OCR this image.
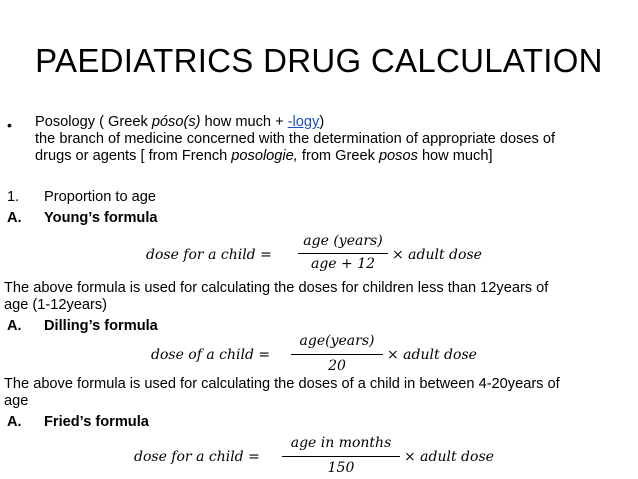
PAEDIATRICS DRUG CALCULATION
• Posology ( Greek póso(s) how much + -logy)
the branch of medicine concerned with the determination of appropriate doses of
drugs or agents [ from French posologie, from Greek posos how much]
1. Proportion to age
A. Young’s formula
dose for a child =
age (years)
age + 12
× adult dose
The above formula is used for calculating the doses for children less than 12years of
age (1-12years)
A. Dilling’s formula
dose of a child =
age(years)
20
× adult dose
The above formula is used for calculating the doses of a child in between 4-20years of
age
A. Fried’s formula
dose for a child =
age in months
150
× adult dose
